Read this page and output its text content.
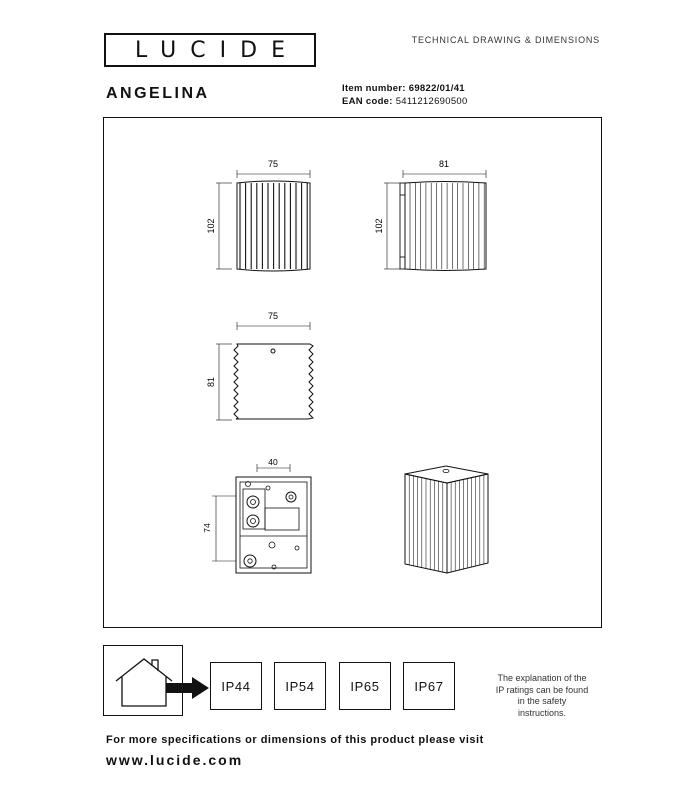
LUCIDE	TECHNICAL DRAWING & DIMENSIONS
ANGELINA	Item number: 69822/01/41
EAN code: 5411212690500
75
102
81
102
75
81
40
74
IP44	IP54	IP65	IP67
The explanation of the
IP ratings can be found
in the safety
instructions.
For more specifications or dimensions of this product please visit
www.lucide.com
